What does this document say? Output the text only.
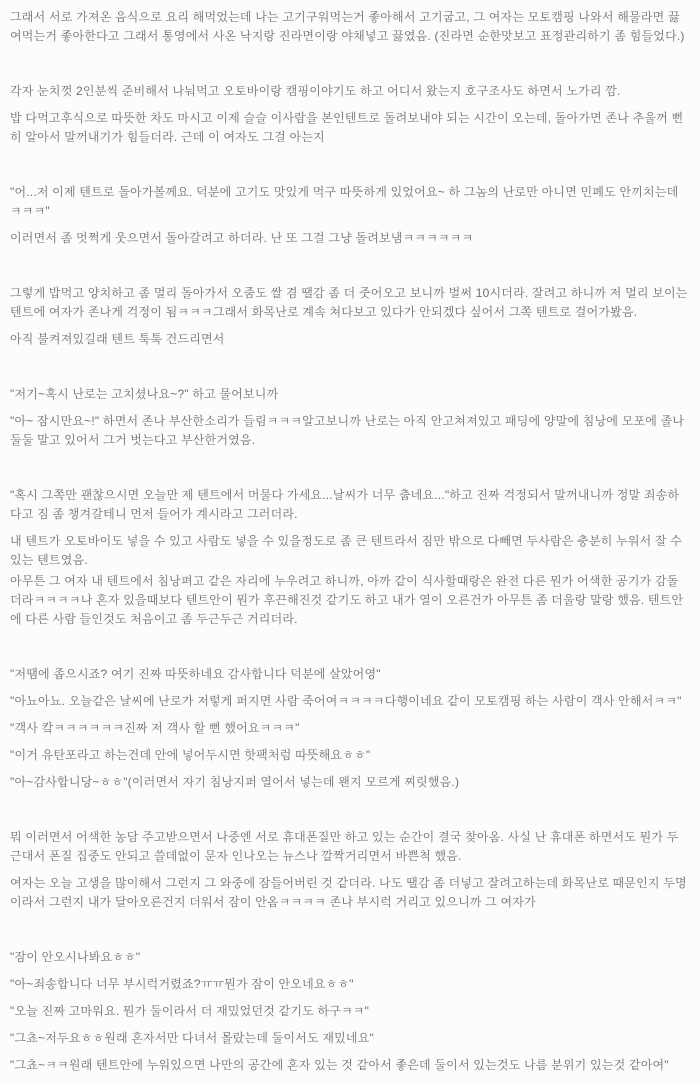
그래서 서로 가져온 음식으로 요리 해먹었는데 나는 고기구워먹는거 좋아해서 고기굽고, 그 여자는 모토캠핑 나와서 해물라면 끓여먹는거 좋아한다고 그래서 통영에서 사온 낙지랑 진라면이랑 야채넣고 끓였음. (진라면 순한맛보고 표정관리하기 좀 힘들었다.)

각자 눈치껏 2인분씩 준비해서 나눠먹고 오토바이랑 캠핑이야기도 하고 어디서 왔는지 호구조사도 하면서 노가리 깜.

밥 다먹고후식으로 따뜻한 차도 마시고 이제 슬슬 이사람을 본인텐트로 돌려보내야 되는 시간이 오는데, 돌아가면 존나 추울꺼 뻔히 알아서 말꺼내기가 힘들더라. 근데 이 여자도 그걸 아는지

"어...저 이제 텐트로 돌아가볼께요. 덕분에 고기도 맛있게 먹구 따뜻하게 있었어요~ 하 그놈의 난로만 아니면 민폐도 안끼치는데ㅋㅋㅋ"

이러면서 좀 멋쩍게 웃으면서 돌아갈려고 하더라. 난 또 그걸 그냥 돌려보냄ㅋㅋㅋㅋㅋㅋ

그렇게 밥먹고 양치하고 좀 멀리 돌아가서 오줌도 쌀 겸 땔감 좀 더 줏어오고 보니까 벌써 10시더라. 잘려고 하니까 저 멀리 보이는 텐트에 여자가 존나게 걱정이 됨ㅋㅋㅋ그래서 화목난로 계속 쳐다보고 있다가 안되겠다 싶어서 그쪽 텐트로 걸어가봤음.

아직 불켜져있길래 텐트 툭툭 건드리면서

"저기~혹시 난로는 고치셨나요~?" 하고 물어보니까

"아~ 잠시만요~!" 하면서 존나 부산한소리가 들림ㅋㅋㅋ알고보니까 난로는 아직 안고쳐져있고 패딩에 양말에 침낭에 모포에 졸나 둘둘 말고 있어서 그거 벗는다고 부산한거였음.

"혹시 그쪽만 괜찮으시면 오늘만 제 텐트에서 머물다 가세요...날씨가 너무 춥네요..."하고 진짜 걱정되서 말꺼내니까 정말 죄송하다고 짐 좀 챙겨갈테니 먼저 들어가 계시라고 그러더라.

내 텐트가 오토바이도 넣을 수 있고 사람도 넣을 수 있을정도로 좀 큰 텐트라서 짐만 밖으로 다빼면 두사람은 충분히 누워서 잘 수 있는 텐트였음.

아무튼 그 여자 내 텐트에서 침낭펴고 같은 자리에 누우려고 하니까, 아까 같이 식사할때랑은 완전 다른 뭔가 어색한 공기가 감돌더라ㅋㅋㅋㅋ나 혼자 있을때보다 텐트안이 뭔가 후끈해진것 같기도 하고 내가 열이 오른건가 아무튼 좀 더울랑 말랑 했음. 텐트안에 다른 사람 들인것도 처음이고 좀 두근두근 거리더라.

"저땜에 좁으시죠? 여기 진짜 따뜻하네요 감사합니다 덕분에 살았어영"

"아뇨아뇨. 오늘같은 날씨에 난로가 저렇게 퍼지면 사람 죽어여ㅋㅋㅋㅋ다행이네요 같이 모토캠핑 하는 사람이 객사 안해서ㅋㅋ"

"객사 캌ㅋㅋㅋㅋㅋㅋ진짜 저 객사 할 뻔 했어요ㅋㅋㅋ"

"이거 유탄포라고 하는건데 안에 넣어두시면 핫팩처럼 따뜻해요ㅎㅎ"

"아~감사합니당~ㅎㅎ"(이러면서 자기 침낭지퍼 열어서 넣는데 왠지 모르게 찌릿했음.)

뭐 이러면서 어색한 농담 주고받으면서 나중엔 서로 휴대폰질만 하고 있는 순간이 결국 찾아옴. 사실 난 휴대폰 하면서도 뭔가 두근대서 폰질 집중도 안되고 쓸데없이 문자 인나오는 뉴스나 깔짝거리면서 바쁜척 했음.

여자는 오늘 고생을 많이해서 그런지 그 와중에 잠들어버린 것 같더라. 나도 땔감 좀 더넣고 잘려고하는데 화목난로 때문인지 두명이라서 그런지 내가 달아오른건지 더워서 잠이 안옴ㅋㅋㅋㅋ 존나 부시럭 거리고 있으니까 그 여자가

"잠이 안오시나봐요ㅎㅎ"

"아~죄송합니다 너무 부시럭거렸죠?ㅠㅠ뭔가 잠이 안오네요ㅎㅎ"

"오늘 진짜 고마워요. 뭔가 둘이라서 더 재밌었던것 같기도 하구ㅋㅋ"

"그쵸~저두요ㅎㅎ원래 혼자서만 다녀서 몰랐는데 둘이서도 재밌네요"

"그쵸~ㅋㅋ원래 텐트안에 누워있으면 나만의 공간에 혼자 있는 것 같아서 좋은데 둘이서 있는것도 나름 분위기 있는것 같아여"
